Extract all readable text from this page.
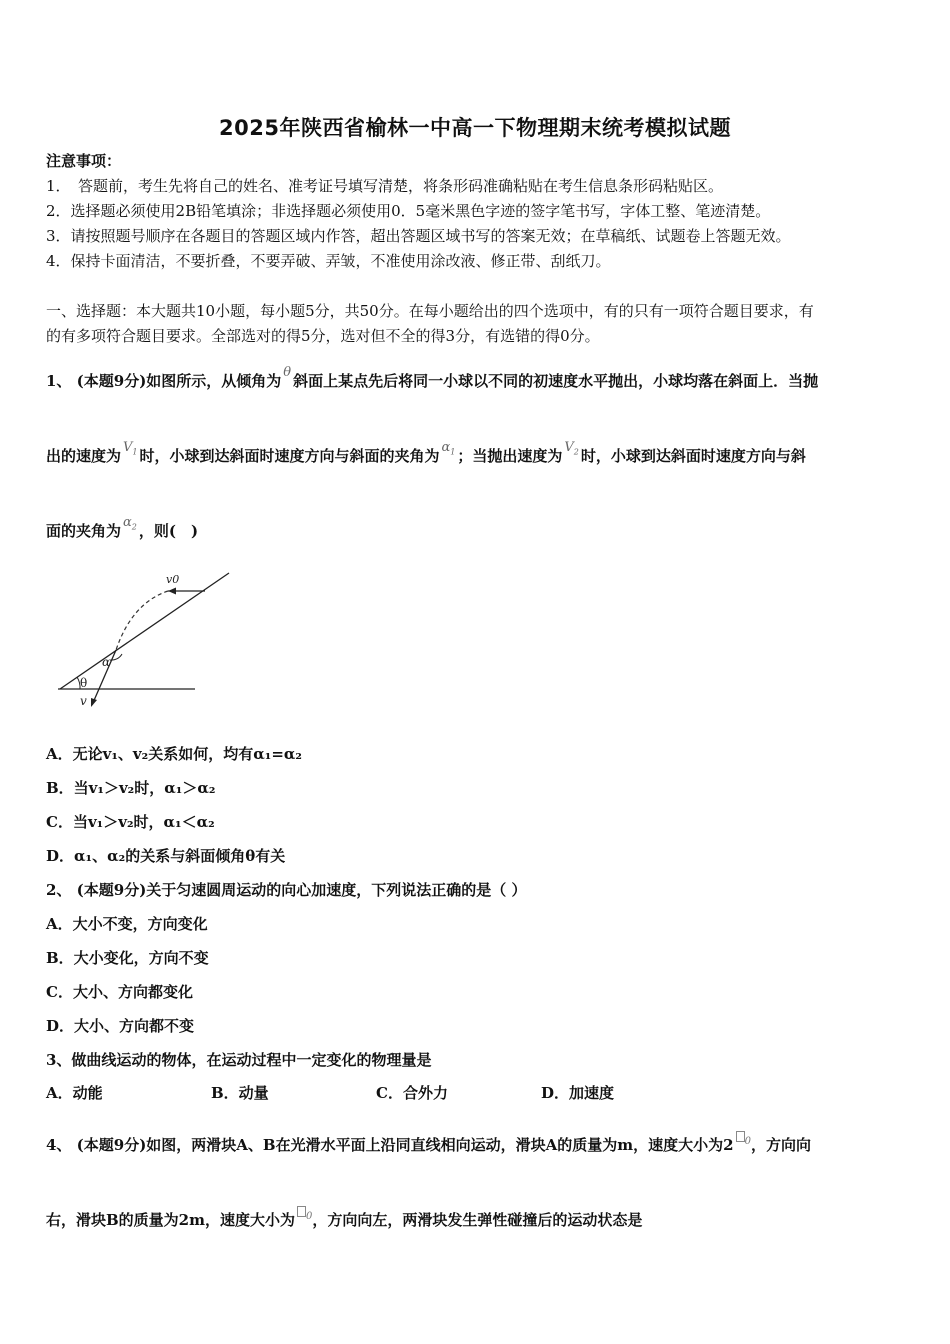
2025年陕西省榆林一中高一下物理期末统考模拟试题
注意事项：
1．　答题前，考生先将自己的姓名、准考证号填写清楚，将条形码准确粘贴在考生信息条形码粘贴区。
2．选择题必须使用2B铅笔填涂；非选择题必须使用0．5毫米黑色字迹的签字笔书写，字体工整、笔迹清楚。
3．请按照题号顺序在各题目的答题区域内作答，超出答题区域书写的答案无效；在草稿纸、试题卷上答题无效。
4．保持卡面清洁，不要折叠，不要弄破、弄皱，不准使用涂改液、修正带、刮纸刀。
一、选择题：本大题共10小题，每小题5分，共50分。在每小题给出的四个选项中，有的只有一项符合题目要求，有
的有多项符合题目要求。全部选对的得5分，选对但不全的得3分，有选错的得0分。
1、 (本题9分)如图所示，从倾角为 θ 斜面上某点先后将同一小球以不同的初速度水平抛出，小球均落在斜面上．当抛
出的速度为 $V_1$ 时，小球到达斜面时速度方向与斜面的夹角为 $\alpha_1$ ；当抛出速度为 $V_2$ 时，小球到达斜面时速度方向与斜
面的夹角为 $\alpha_2$ ，则(　)
v0
α
θ
v
A．无论v₁、v₂关系如何，均有α₁=α₂
B．当v₁＞v₂时，α₁＞α₂
C．当v₁＞v₂时，α₁＜α₂
D．α₁、α₂的关系与斜面倾角θ有关
2、 (本题9分)关于匀速圆周运动的向心加速度，下列说法正确的是（ ）
A．大小不变，方向变化
B．大小变化，方向不变
C．大小、方向都变化
D．大小、方向都不变
3、做曲线运动的物体，在运动过程中一定变化的物理量是
A．动能	B．动量	C．合外力	D．加速度
4、 (本题9分)如图，两滑块A、B在光滑水平面上沿同直线相向运动，滑块A的质量为m，速度大小为2 $^0$，方向向
右，滑块B的质量为2m，速度大小为 $^0$，方向向左，两滑块发生弹性碰撞后的运动状态是
